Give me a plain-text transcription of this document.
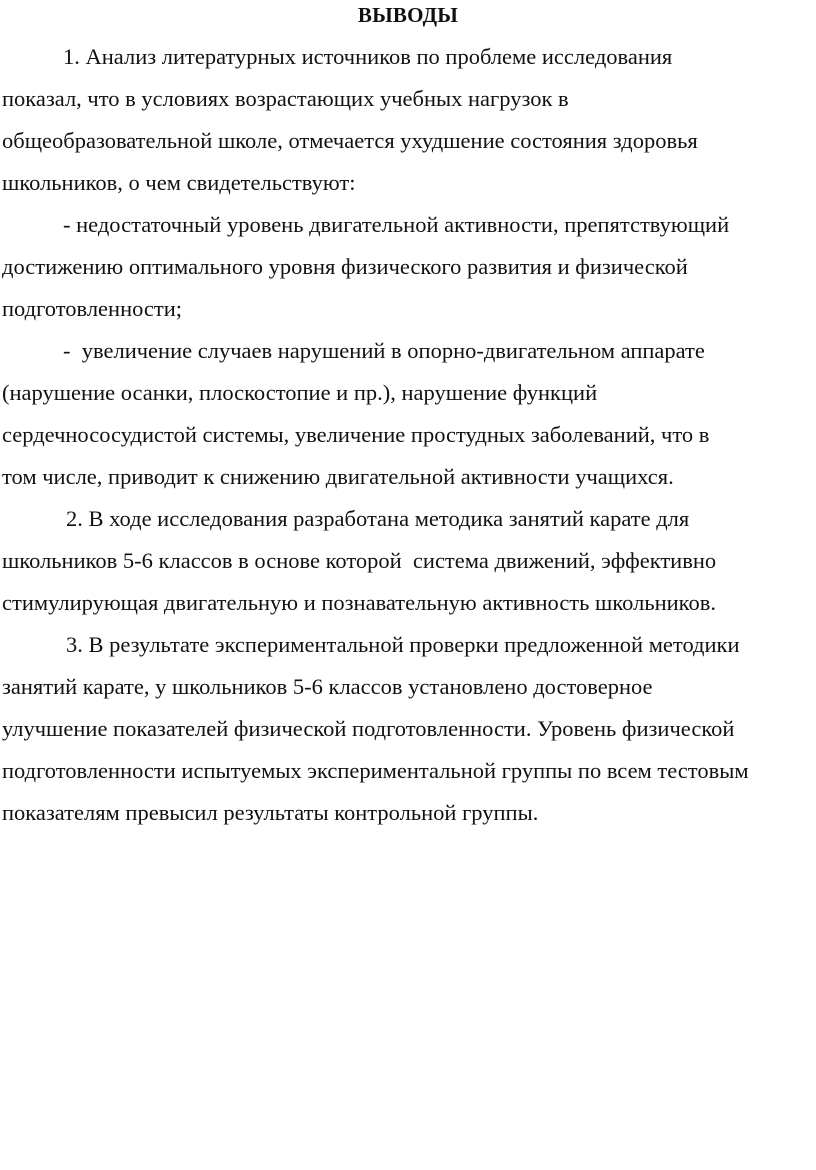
ВЫВОДЫ
1. Анализ литературных источников по проблеме исследования
показал, что в условиях возрастающих учебных нагрузок в
общеобразовательной школе, отмечается ухудшение состояния здоровья
школьников, о чем свидетельствуют:
- недостаточный уровень двигательной активности, препятствующий
достижению оптимального уровня физического развития и физической
подготовленности;
-  увеличение случаев нарушений в опорно-двигательном аппарате
(нарушение осанки, плоскостопие и пр.), нарушение функций
сердечнососудистой системы, увеличение простудных заболеваний, что в
том числе, приводит к снижению двигательной активности учащихся.
2. В ходе исследования разработана методика занятий карате для
школьников 5-6 классов в основе которой  система движений, эффективно
стимулирующая двигательную и познавательную активность школьников.
3. В результате экспериментальной проверки предложенной методики
занятий карате, у школьников 5-6 классов установлено достоверное
улучшение показателей физической подготовленности. Уровень физической
подготовленности испытуемых экспериментальной группы по всем тестовым
показателям превысил результаты контрольной группы.
